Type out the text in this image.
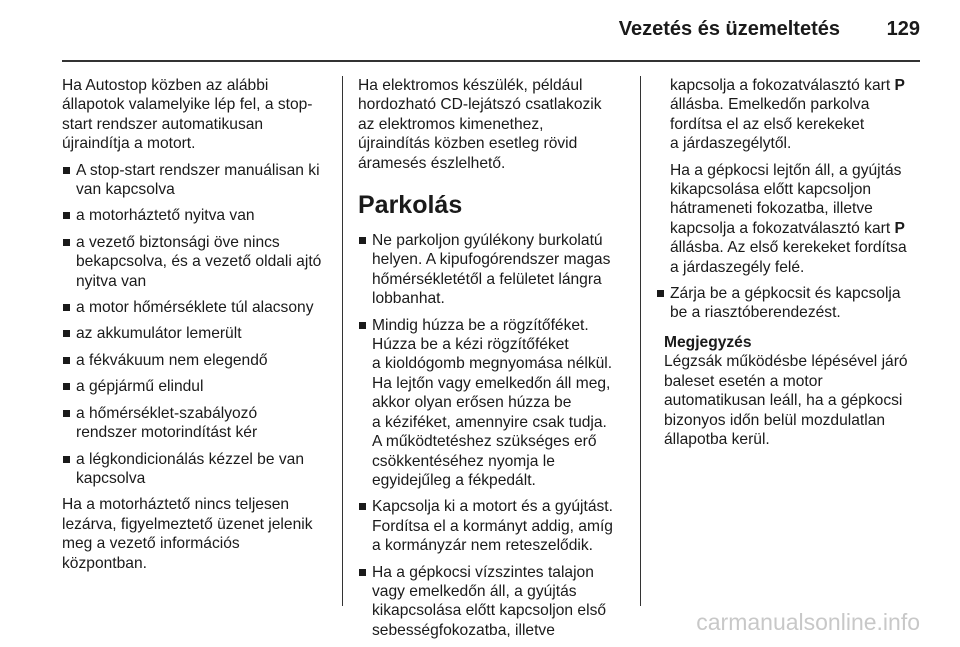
Vezetés és üzemeltetés 129

Ha Autostop közben az alábbi
állapotok valamelyike lép fel, a stop-
start rendszer automatikusan
újraindítja a motort.

A stop-start rendszer manuálisan ki
van kapcsolva
a motorháztető nyitva van
a vezető biztonsági öve nincs
bekapcsolva, és a vezető oldali ajtó
nyitva van
a motor hőmérséklete túl alacsony
az akkumulátor lemerült
a fékvákuum nem elegendő
a gépjármű elindul
a hőmérséklet-szabályozó
rendszer motorindítást kér
a légkondicionálás kézzel be van
kapcsolva

Ha a motorháztető nincs teljesen
lezárva, figyelmeztető üzenet jelenik
meg a vezető információs
központban.

Ha elektromos készülék, például
hordozható CD-lejátszó csatlakozik
az elektromos kimenethez,
újraindítás közben esetleg rövid
áramesés észlelhető.

Parkolás
Ne parkoljon gyúlékony burkolatú
helyen. A kipufogórendszer magas
hőmérsékletétől a felületet lángra
lobbanhat.
Mindig húzza be a rögzítőféket.
Húzza be a kézi rögzítőféket
a kioldógomb megnyomása nélkül.
Ha lejtőn vagy emelkedőn áll meg,
akkor olyan erősen húzza be
a kéziféket, amennyire csak tudja.
A működtetéshez szükséges erő
csökkentéséhez nyomja le
egyidejűleg a fékpedált.
Kapcsolja ki a motort és a gyújtást.
Fordítsa el a kormányt addig, amíg
a kormányzár nem reteszelődik.
Ha a gépkocsi vízszintes talajon
vagy emelkedőn áll, a gyújtás
kikapcsolása előtt kapcsoljon első
sebességfokozatba, illetve
kapcsolja a fokozatválasztó kart P
állásba. Emelkedőn parkolva
fordítsa el az első kerekeket
a járdaszegélytől.
Ha a gépkocsi lejtőn áll, a gyújtás
kikapcsolása előtt kapcsoljon
hátrameneti fokozatba, illetve
kapcsolja a fokozatválasztó kart P
állásba. Az első kerekeket fordítsa
a járdaszegély felé.
Zárja be a gépkocsit és kapcsolja
be a riasztóberendezést.
Megjegyzés
Légzsák működésbe lépésével járó
baleset esetén a motor
automatikusan leáll, ha a gépkocsi
bizonyos időn belül mozdulatlan
állapotba kerül.
carmanualsonline.info
